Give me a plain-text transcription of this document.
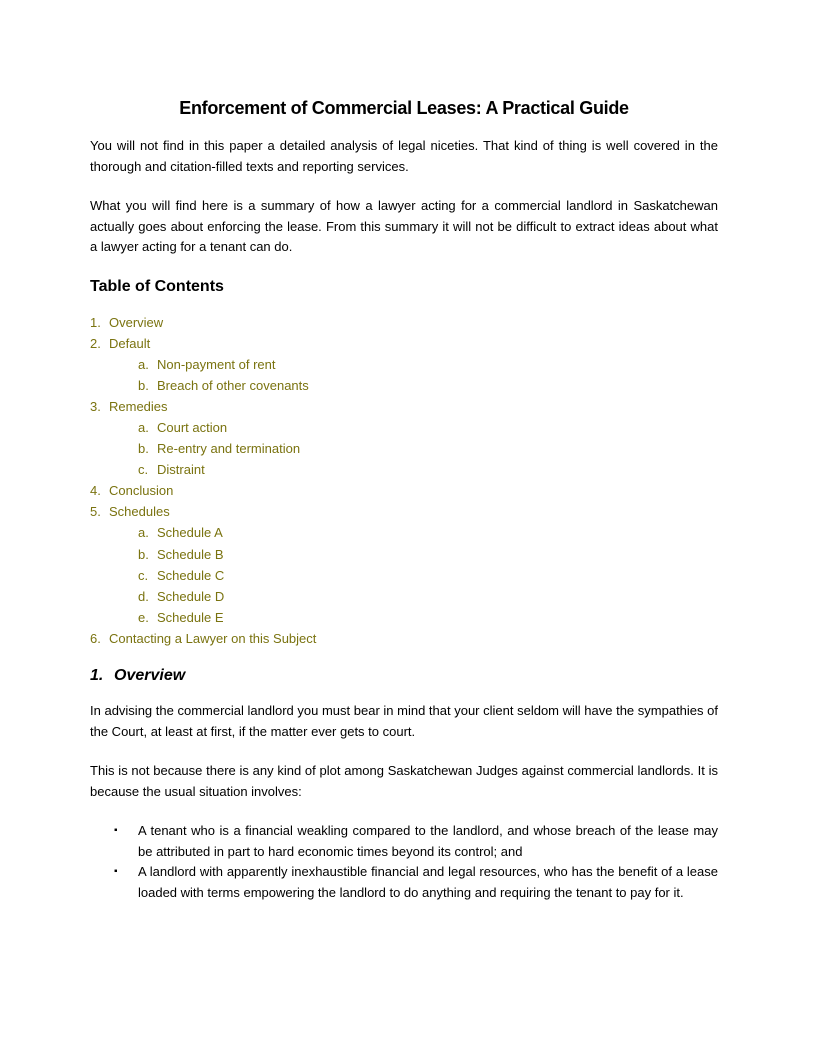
Enforcement of Commercial Leases: A Practical Guide

You will not find in this paper a detailed analysis of legal niceties. That kind of thing is well covered in the thorough and citation-filled texts and reporting services.

What you will find here is a summary of how a lawyer acting for a commercial landlord in Saskatchewan actually goes about enforcing the lease. From this summary it will not be difficult to extract ideas about what a lawyer acting for a tenant can do.

Table of Contents
1. Overview
2. Default
a. Non-payment of rent
b. Breach of other covenants
3. Remedies
a. Court action
b. Re-entry and termination
c. Distraint
4. Conclusion
5. Schedules
a. Schedule A
b. Schedule B
c. Schedule C
d. Schedule D
e. Schedule E
6. Contacting a Lawyer on this Subject
1. Overview

In advising the commercial landlord you must bear in mind that your client seldom will have the sympathies of the Court, at least at first, if the matter ever gets to court.

This is not because there is any kind of plot among Saskatchewan Judges against commercial landlords. It is because the usual situation involves:

▪ A tenant who is a financial weakling compared to the landlord, and whose breach of the lease may be attributed in part to hard economic times beyond its control; and
▪ A landlord with apparently inexhaustible financial and legal resources, who has the benefit of a lease loaded with terms empowering the landlord to do anything and requiring the tenant to pay for it.
